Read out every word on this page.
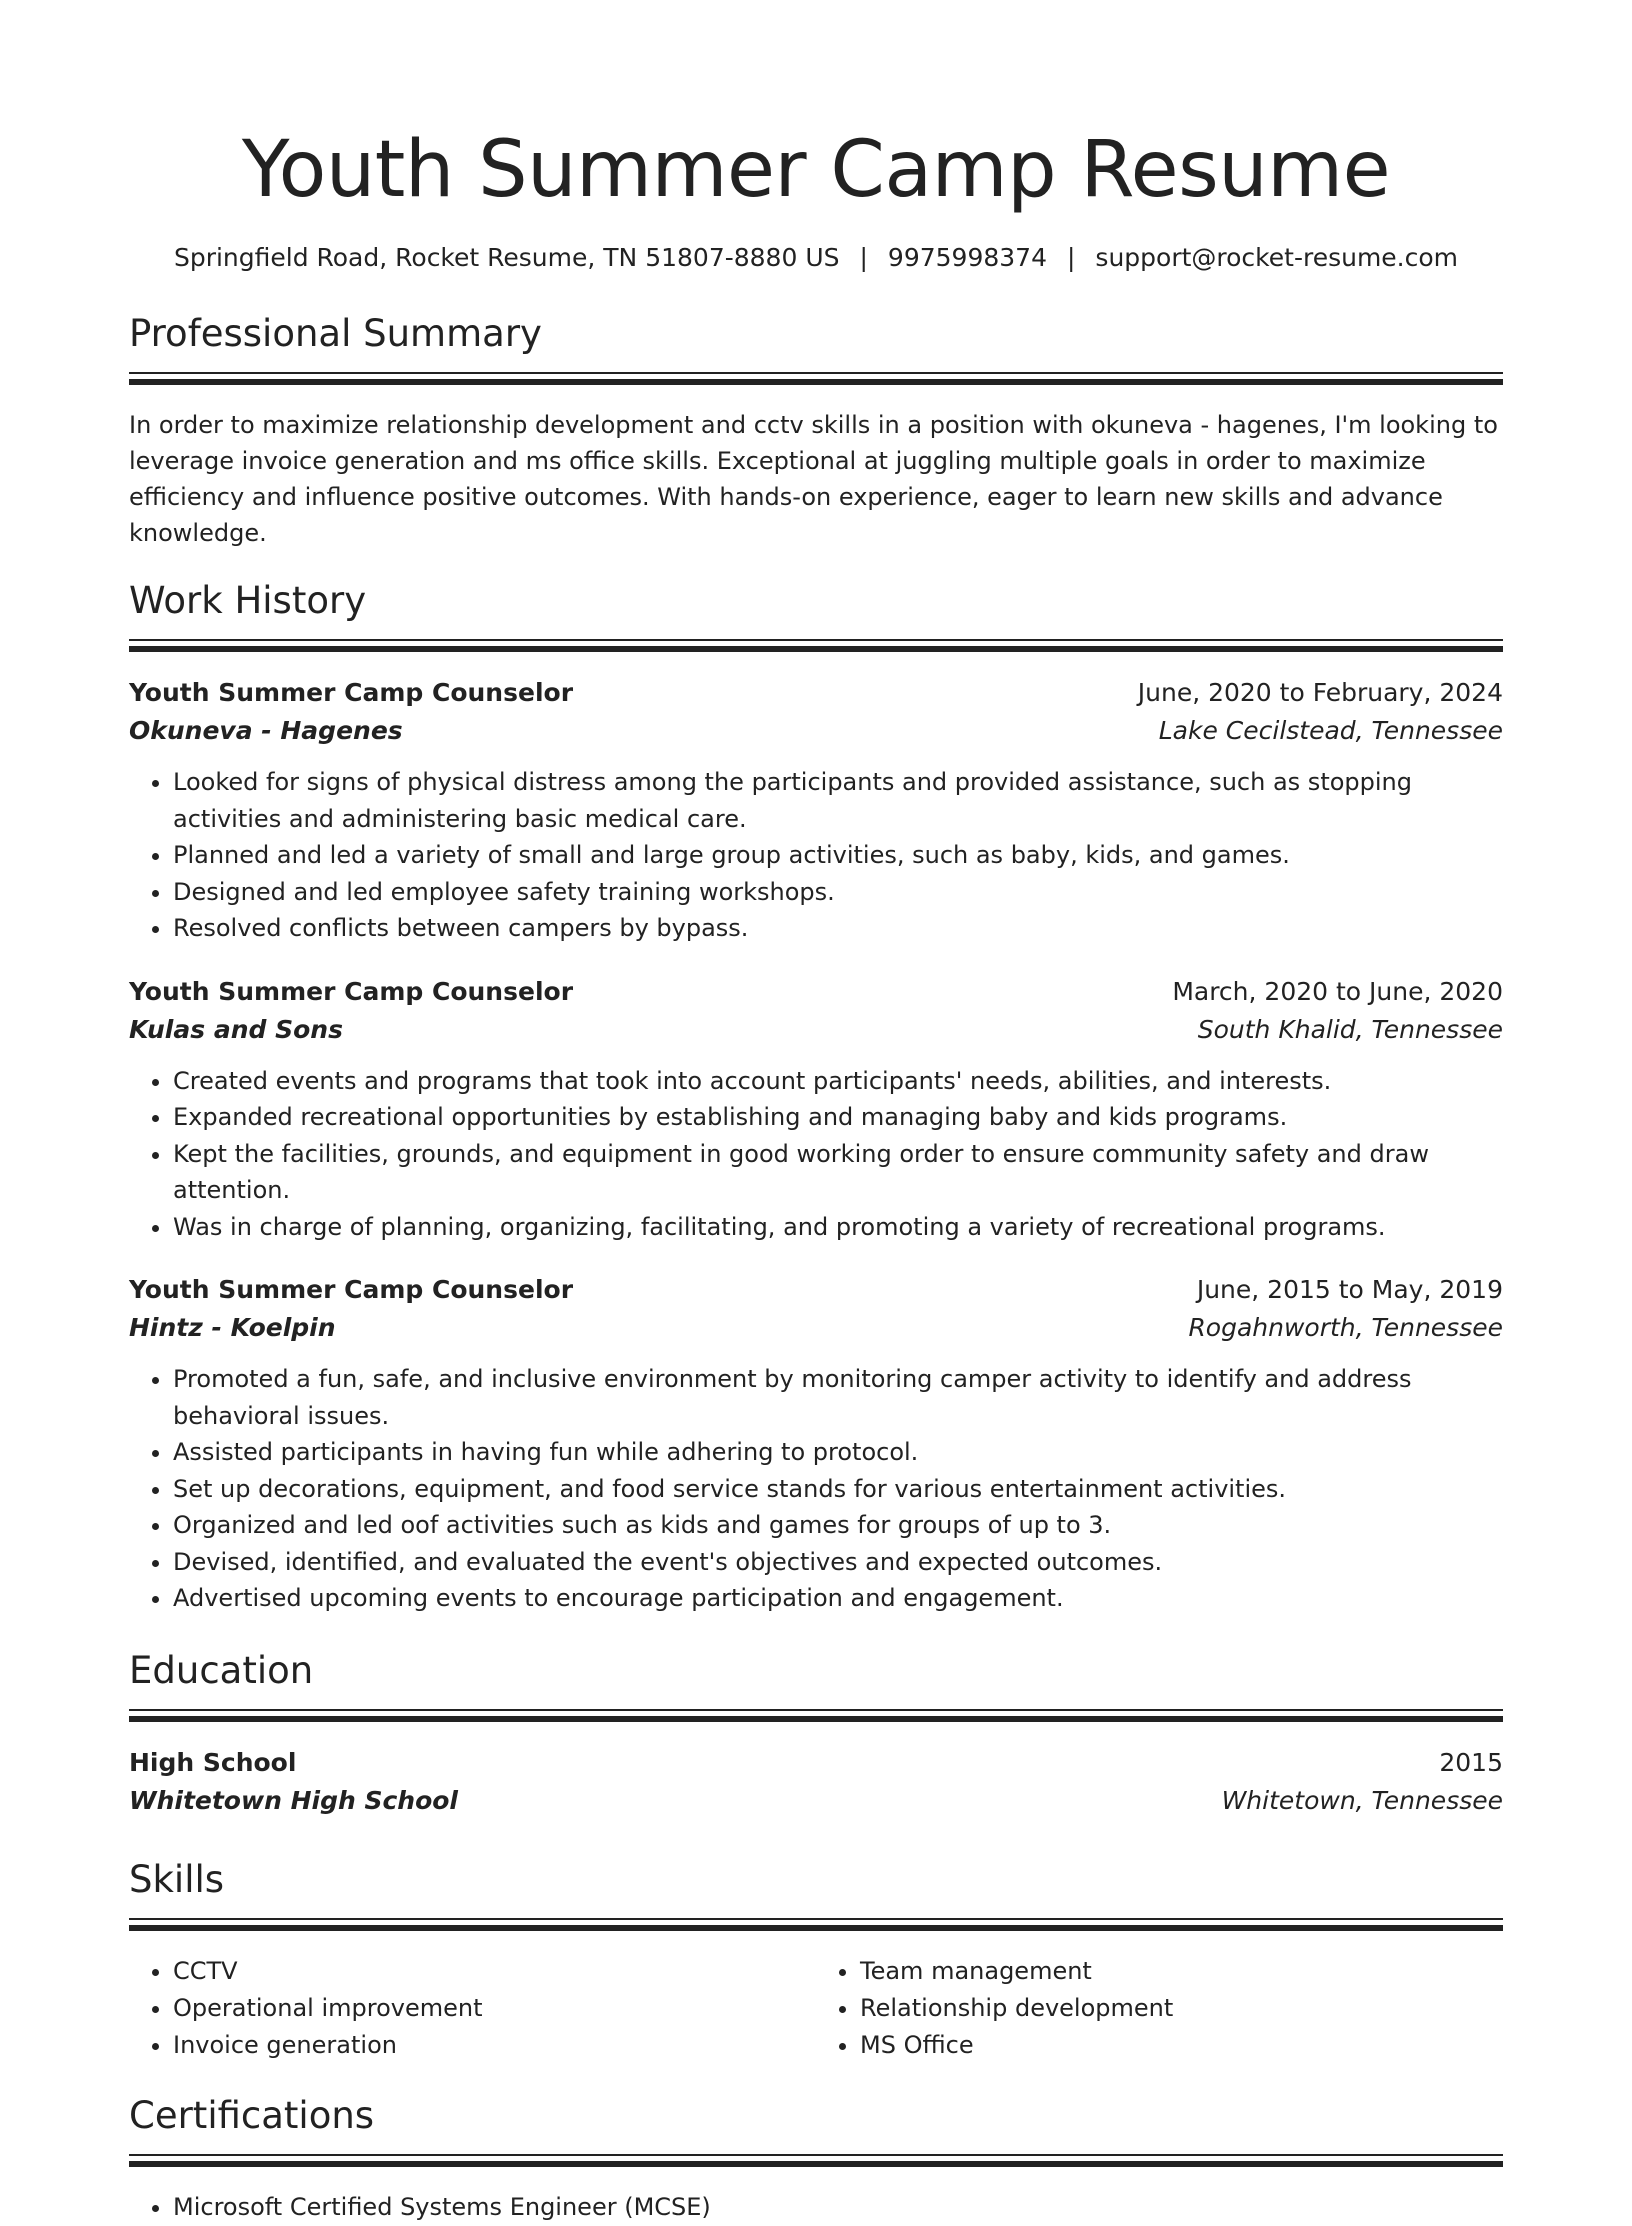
Youth Summer Camp Resume
Springfield Road, Rocket Resume, TN 51807-8880 US | 9975998374 | support@rocket-resume.com
Professional Summary

In order to maximize relationship development and cctv skills in a position with okuneva - hagenes, I'm looking to leverage invoice generation and ms office skills. Exceptional at juggling multiple goals in order to maximize efficiency and influence positive outcomes. With hands-on experience, eager to learn new skills and advance knowledge.

Work History
Youth Summer Camp Counselor	June, 2020 to February, 2024
Okuneva - Hagenes	Lake Cecilstead, Tennessee
• Looked for signs of physical distress among the participants and provided assistance, such as stopping activities and administering basic medical care.
• Planned and led a variety of small and large group activities, such as baby, kids, and games.
• Designed and led employee safety training workshops.
• Resolved conflicts between campers by bypass.
Youth Summer Camp Counselor	March, 2020 to June, 2020
Kulas and Sons	South Khalid, Tennessee
• Created events and programs that took into account participants' needs, abilities, and interests.
• Expanded recreational opportunities by establishing and managing baby and kids programs.
• Kept the facilities, grounds, and equipment in good working order to ensure community safety and draw attention.
• Was in charge of planning, organizing, facilitating, and promoting a variety of recreational programs.
Youth Summer Camp Counselor	June, 2015 to May, 2019
Hintz - Koelpin	Rogahnworth, Tennessee
• Promoted a fun, safe, and inclusive environment by monitoring camper activity to identify and address behavioral issues.
• Assisted participants in having fun while adhering to protocol.
• Set up decorations, equipment, and food service stands for various entertainment activities.
• Organized and led oof activities such as kids and games for groups of up to 3.
• Devised, identified, and evaluated the event's objectives and expected outcomes.
• Advertised upcoming events to encourage participation and engagement.
Education
High School	2015
Whitetown High School	Whitetown, Tennessee
Skills
• CCTV
• Operational improvement
• Invoice generation
• Team management
• Relationship development
• MS Office
Certifications
• Microsoft Certified Systems Engineer (MCSE)
